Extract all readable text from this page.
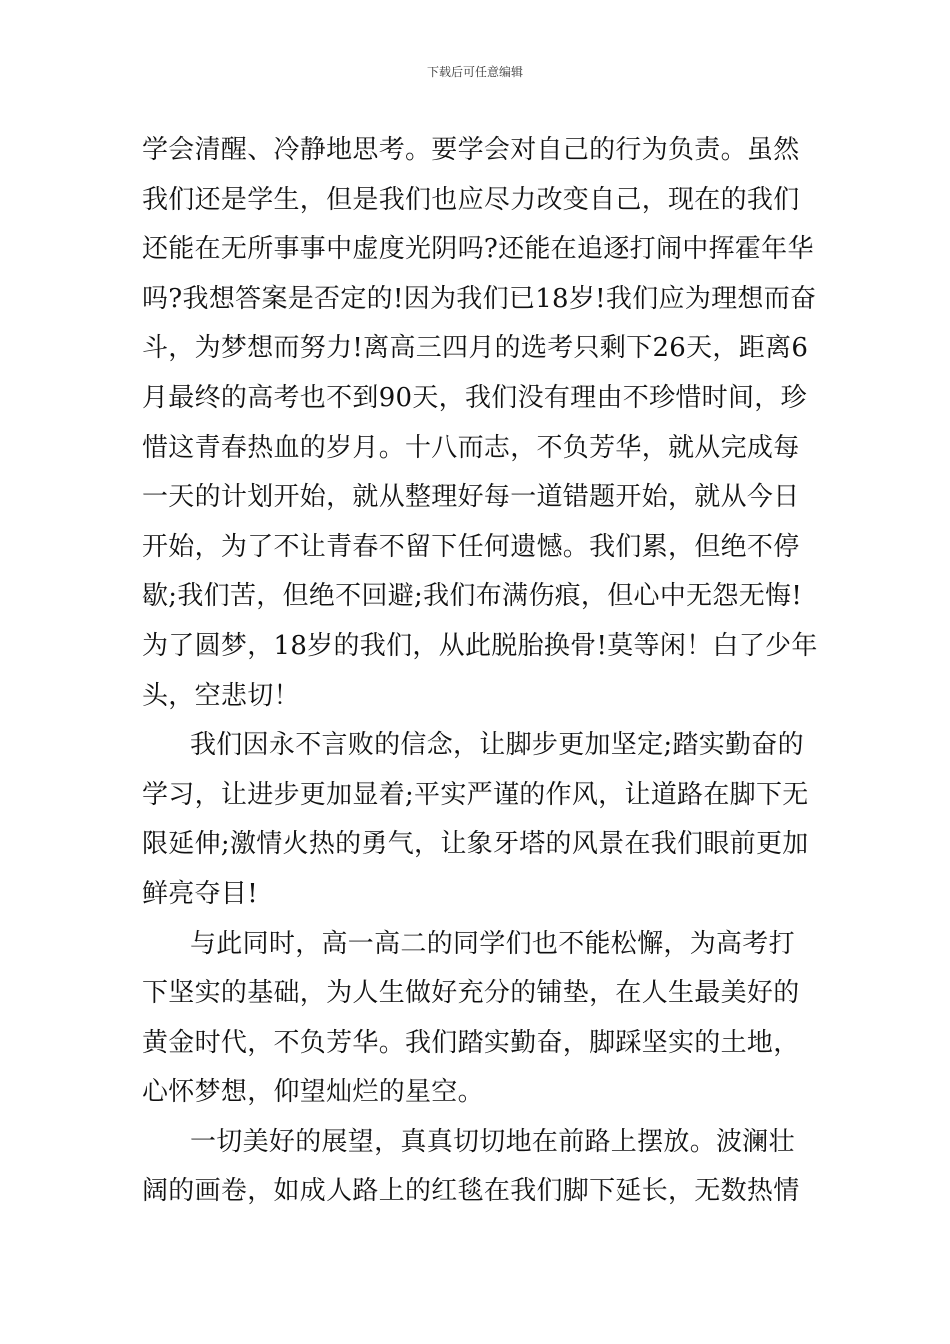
下载后可任意编辑
学会清醒、冷静地思考。要学会对自己的行为负责。虽然
我们还是学生，但是我们也应尽力改变自己，现在的我们
还能在无所事事中虚度光阴吗?还能在追逐打闹中挥霍年华
吗?我想答案是否定的!因为我们已18岁!我们应为理想而奋
斗，为梦想而努力!离高三四月的选考只剩下26天，距离6
月最终的高考也不到90天，我们没有理由不珍惜时间，珍
惜这青春热血的岁月。十八而志，不负芳华，就从完成每
一天的计划开始，就从整理好每一道错题开始，就从今日
开始，为了不让青春不留下任何遗憾。我们累，但绝不停
歇;我们苦，但绝不回避;我们布满伤痕，但心中无怨无悔!
为了圆梦，18岁的我们，从此脱胎换骨!莫等闲！白了少年
头，空悲切！
我们因永不言败的信念，让脚步更加坚定;踏实勤奋的
学习，让进步更加显着;平实严谨的作风，让道路在脚下无
限延伸;激情火热的勇气，让象牙塔的风景在我们眼前更加
鲜亮夺目!
与此同时，高一高二的同学们也不能松懈，为高考打
下坚实的基础，为人生做好充分的铺垫，在人生最美好的
黄金时代，不负芳华。我们踏实勤奋，脚踩坚实的土地，
心怀梦想，仰望灿烂的星空。
一切美好的展望，真真切切地在前路上摆放。波澜壮
阔的画卷，如成人路上的红毯在我们脚下延长，无数热情
